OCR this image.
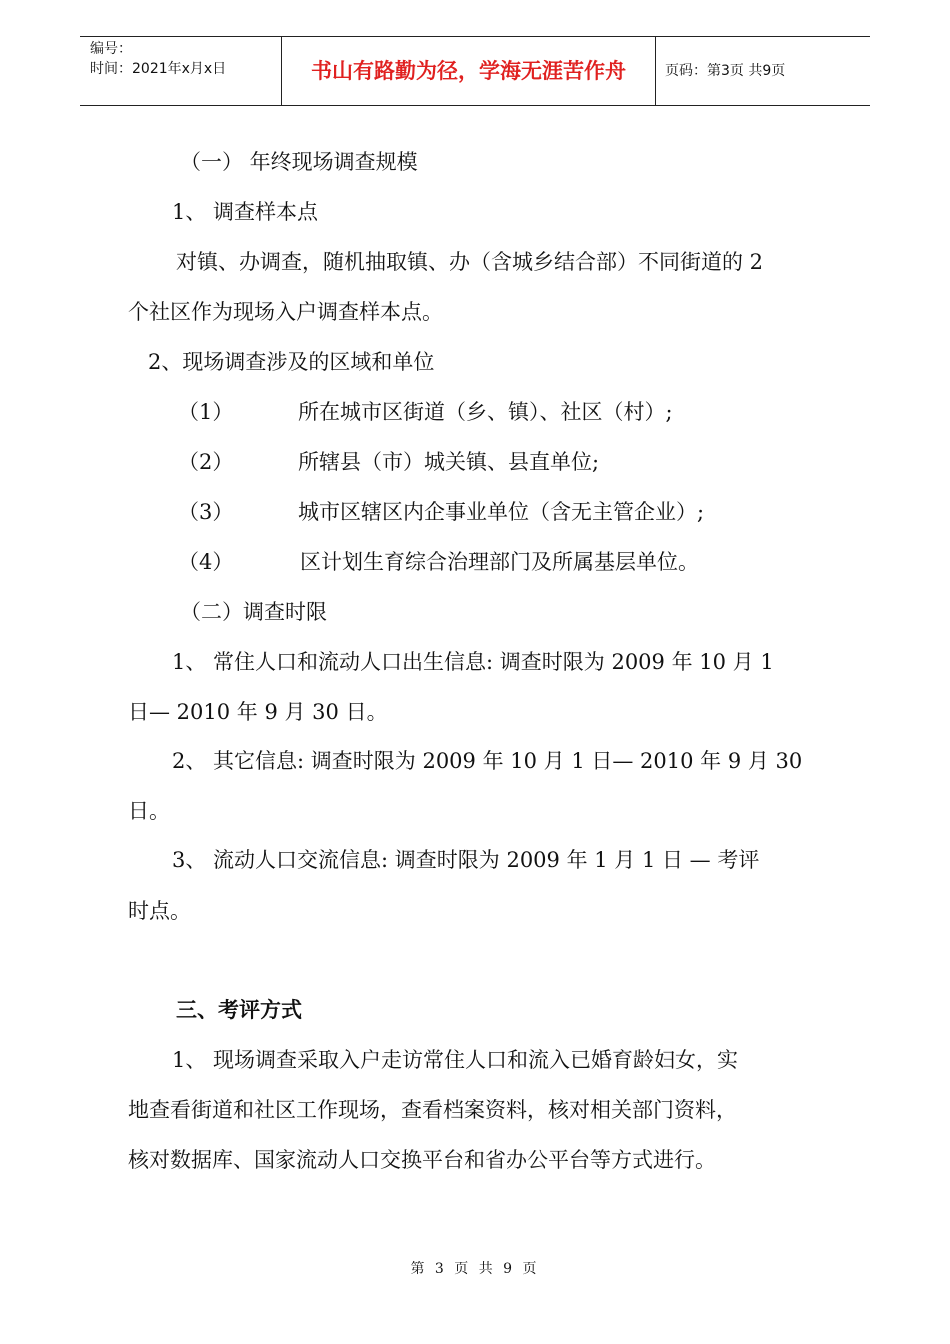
编号：
时间：2021年x月x日	书山有路勤为径，学海无涯苦作舟	页码：第3页 共9页
（一） 年终现场调查规模
1、 调查样本点
对镇、办调查，随机抽取镇、办（含城乡结合部）不同街道的 2
个社区作为现场入户调查样本点。
2、现场调查涉及的区域和单位
（1）	所在城市区街道（乡、镇）、社区（村）;
（2）	所辖县（市）城关镇、县直单位;
（3）	城市区辖区内企事业单位（含无主管企业）;
（4）	区计划生育综合治理部门及所属基层单位。
（二）调查时限
1、 常住人口和流动人口出生信息: 调查时限为 2009 年 10 月 1
日— 2010 年 9 月 30 日。
2、 其它信息: 调查时限为 2009 年 10 月 1 日— 2010 年 9 月 30
日。
3、 流动人口交流信息: 调查时限为 2009 年 1 月 1 日 — 考评
时点。
三、考评方式
1、 现场调查采取入户走访常住人口和流入已婚育龄妇女，实
地查看街道和社区工作现场，查看档案资料，核对相关部门资料，
核对数据库、国家流动人口交换平台和省办公平台等方式进行。
第 3 页 共 9 页
